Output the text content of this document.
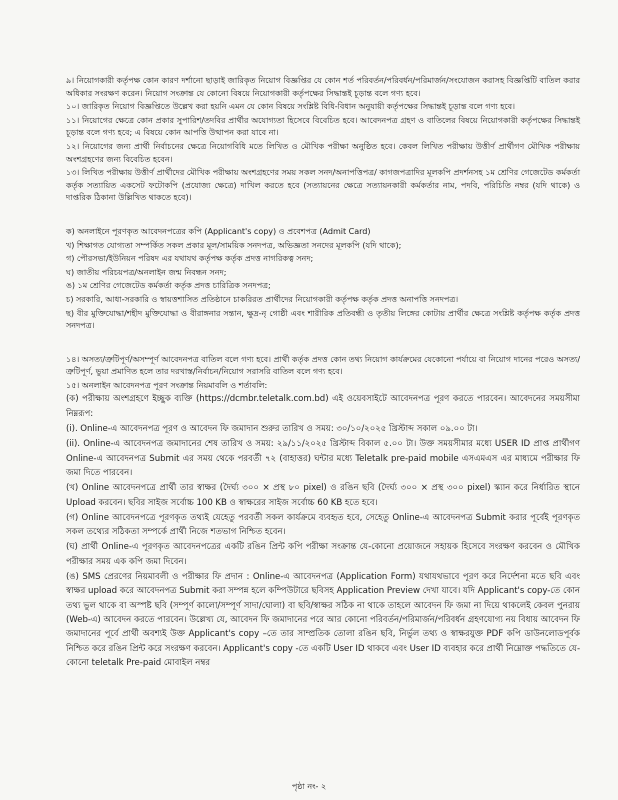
৯। নিয়োগকারী কর্তৃপক্ষ কোন কারণ দর্শানো ছাড়াই জারিকৃত নিয়োগ বিজ্ঞপ্তির যে কোন শর্ত পরিবর্তন/পরিবর্ধন/পরিমার্জন/সংযোজন করাসহ বিজ্ঞপ্তিটি বাতিল করার অধিকার সংরক্ষণ করেন। নিয়োগ সংক্রান্ত যে কোনো বিষয়ে নিয়োগকারী কর্তৃপক্ষের সিদ্ধান্তই চূড়ান্ত বলে গণ্য হবে।

১০। জারিকৃত নিয়োগ বিজ্ঞপ্তিতে উল্লেখ করা হয়নি এমন যে কোন বিষয়ে সংশ্লিষ্ট বিধি-বিধান অনুযায়ী কর্তৃপক্ষের সিদ্ধান্তই চূড়ান্ত বলে গণ্য হবে।

১১। নিয়োগের ক্ষেত্রে কোন প্রকার সুপারিশ/তদবির প্রার্থীর অযোগ্যতা হিসেবে বিবেচিত হবে। আবেদনপত্র গ্রহণ ও বাতিলের বিষয়ে নিয়োগকারী কর্তৃপক্ষের সিদ্ধান্তই চূড়ান্ত বলে গণ্য হবে; এ বিষয়ে কোন আপত্তি উত্থাপন করা যাবে না।

১২। নিয়োগের জন্য প্রার্থী নির্বাচনের ক্ষেত্রে নিয়োগবিধি মতে লিখিত ও মৌখিক পরীক্ষা অনুষ্ঠিত হবে। কেবল লিখিত পরীক্ষায় উত্তীর্ণ প্রার্থীগণ মৌখিক পরীক্ষায় অংশগ্রহণের জন্য বিবেচিত হবেন।

১৩। লিখিত পরীক্ষায় উত্তীর্ণ প্রার্থীদের মৌখিক পরীক্ষায় অংশগ্রহণের সময় সকল সনদ/অনাপত্তিপত্র/ কাগজপত্রাদির মূলকপি প্রদর্শনসহ ১ম শ্রেণির গেজেটেড কর্মকর্তা কর্তৃক সত্যায়িত একসেট ফটোকপি (প্রযোজ্য ক্ষেত্রে) দাখিল করতে হবে (সত্যায়নের ক্ষেত্রে সত্যায়নকারী কর্মকর্তার নাম, পদবি, পরিচিতি নম্বর (যদি থাকে) ও দাপ্তরিক ঠিকানা উল্লিখিত থাকতে হবে)।

ক) অনলাইনে পূরণকৃত আবেদনপত্রের কপি (Applicant's copy) ও প্রবেশপত্র (Admit Card)

খ) শিক্ষাগত যোগ্যতা সম্পর্কিত সকল প্রকার মূল/সাময়িক সনদপত্র, অভিজ্ঞতা সনদের মূলকপি (যদি থাকে);

গ) পৌরসভা/ইউনিয়ন পরিষদ এর যথাযথ কর্তৃপক্ষ কর্তৃক প্রদত্ত নাগরিকত্ব সনদ;

ঘ) জাতীয় পরিচয়পত্র/অনলাইন জন্ম নিবন্ধন সনদ;

ঙ) ১ম শ্রেণির গেজেটেড কর্মকর্তা কর্তৃক প্রদত্ত চারিত্রিক সনদপত্র;

চ) সরকারি, আধা-সরকারি ও স্বায়ত্তশাসিত প্রতিষ্ঠানে চাকরিরত প্রার্থীদের নিয়োগকারী কর্তৃপক্ষ কর্তৃক প্রদত্ত অনাপত্তি সনদপত্র।

ছ) বীর মুক্তিযোদ্ধা/শহীদ মুক্তিযোদ্ধা ও বীরাঙ্গনার সন্তান, ক্ষুদ্র-নৃ গোষ্ঠী এবং শারীরিক প্রতিবন্ধী ও তৃতীয় লিঙ্গের কোটায় প্রার্থীর ক্ষেত্রে সংশ্লিষ্ট কর্তৃপক্ষ কর্তৃক প্রদত্ত সনদপত্র।

১৪। অসত্য/ত্রুটিপূর্ণ/অসম্পূর্ণ আবেদনপত্র বাতিল বলে গণ্য হবে। প্রার্থী কর্তৃক প্রদত্ত কোন তথ্য নিয়োগ কার্যক্রমের যেকোনো পর্যায়ে বা নিয়োগ দানের পরেও অসত্য/ত্রুটিপূর্ণ, ভুয়া প্রমাণিত হলে তার দরখাস্ত/নির্বাচন/নিয়োগ সরাসরি বাতিল বলে গণ্য হবে।

১৫। অনলাইন আবেদনপত্র পূরণ সংক্রান্ত নিয়মাবলি ও শর্তাবলি:

(ক) পরীক্ষায় অংশগ্রহণে ইচ্ছুক ব্যক্তি (https://dcmbr.teletalk.com.bd) এই ওয়েবসাইটে আবেদনপত্র পূরণ করতে পারবেন। আবেদনের সময়সীমা নিম্নরূপ:

(i). Online-এ আবেদনপত্র পূরণ ও আবেদন ফি জমাদান শুরুর তারিখ ও সময়: ৩০/১০/২০২৫ খ্রিস্টাব্দ সকাল ০৯.০০ টা।

(ii). Online-এ আবেদনপত্র জমাদানের শেষ তারিখ ও সময়: ২৯/১১/২০২৫ খ্রিস্টাব্দ বিকাল ৫.০০ টা। উক্ত সময়সীমার মধ্যে USER ID প্রাপ্ত প্রার্থীগণ Online-এ আবেদনপত্র Submit এর সময় থেকে পরবর্তী ৭২ (বাহাত্তর) ঘন্টার মধ্যে Teletalk pre-paid mobile এসএমএস এর মাধ্যমে পরীক্ষার ফি জমা দিতে পারবেন।

(খ) Online আবেদনপত্রে প্রার্থী তার স্বাক্ষর (দৈর্ঘ্য ৩০০ × প্রস্থ ৮০ pixel) ও রঙিন ছবি (দৈর্ঘ্য ৩০০ × প্রস্থ ৩০০ pixel) স্ক্যান করে নির্ধারিত স্থানে Upload করবেন। ছবির সাইজ সর্বোচ্চ 100 KB ও স্বাক্ষরের সাইজ সর্বোচ্চ 60 KB হতে হবে।

(গ) Online আবেদনপত্রে পূরণকৃত তথ্যই যেহেতু পরবর্তী সকল কার্যক্রমে ব্যবহৃত হবে, সেহেতু Online-এ আবেদনপত্র Submit করার পূর্বেই পূরণকৃত সকল তথ্যের সঠিকতা সম্পর্কে প্রার্থী নিজে শতভাগ নিশ্চিত হবেন।

(ঘ) প্রার্থী Online-এ পূরণকৃত আবেদনপত্রের একটি রঙিন প্রিন্ট কপি পরীক্ষা সংক্রান্ত যে-কোনো প্রয়োজনে সহায়ক হিসেবে সংরক্ষণ করবেন ও মৌখিক পরীক্ষার সময় এক কপি জমা দিবেন।

(ঙ) SMS প্রেরণের নিয়মাবলী ও পরীক্ষার ফি প্রদান : Online-এ আবেদনপত্র (Application Form) যথাযথভাবে পূরণ করে নির্দেশনা মতে ছবি এবং স্বাক্ষর upload করে আবেদনপত্র Submit করা সম্পন্ন হলে কম্পিউটারে ছবিসহ Application Preview দেখা যাবে। যদি Applicant's copy-তে কোন তথ্য ভুল থাকে বা অস্পষ্ট ছবি (সম্পূর্ণ কালো/সম্পূর্ণ সাদা/ঘোলা) বা ছবি/স্বাক্ষর সঠিক না থাকে তাহলে আবেদন ফি জমা না দিয়ে থাকলেই কেবল পুনরায় (Web-এ) আবেদন করতে পারবেন। উল্লেখ্য যে, আবেদন ফি জমাদানের পরে আর কোনো পরিবর্তন/পরিমার্জন/পরিবর্ধন গ্রহণযোগ্য নয় বিধায় আবেদন ফি জমাদানের পূর্বে প্রার্থী অবশ্যই উক্ত Applicant's copy –তে তার সাম্প্রতিক তোলা রঙিন ছবি, নির্ভুল তথ্য ও স্বাক্ষরযুক্ত PDF কপি ডাউনলোডপূর্বক নিশ্চিত করে রঙিন প্রিন্ট করে সংরক্ষণ করবেন। Applicant's copy -তে একটি User ID থাকবে এবং User ID ব্যবহার করে প্রার্থী নিম্নোক্ত পদ্ধতিতে যে-কোনো teletalk Pre-paid মোবাইল নম্বর

পৃষ্ঠা নং- ২
